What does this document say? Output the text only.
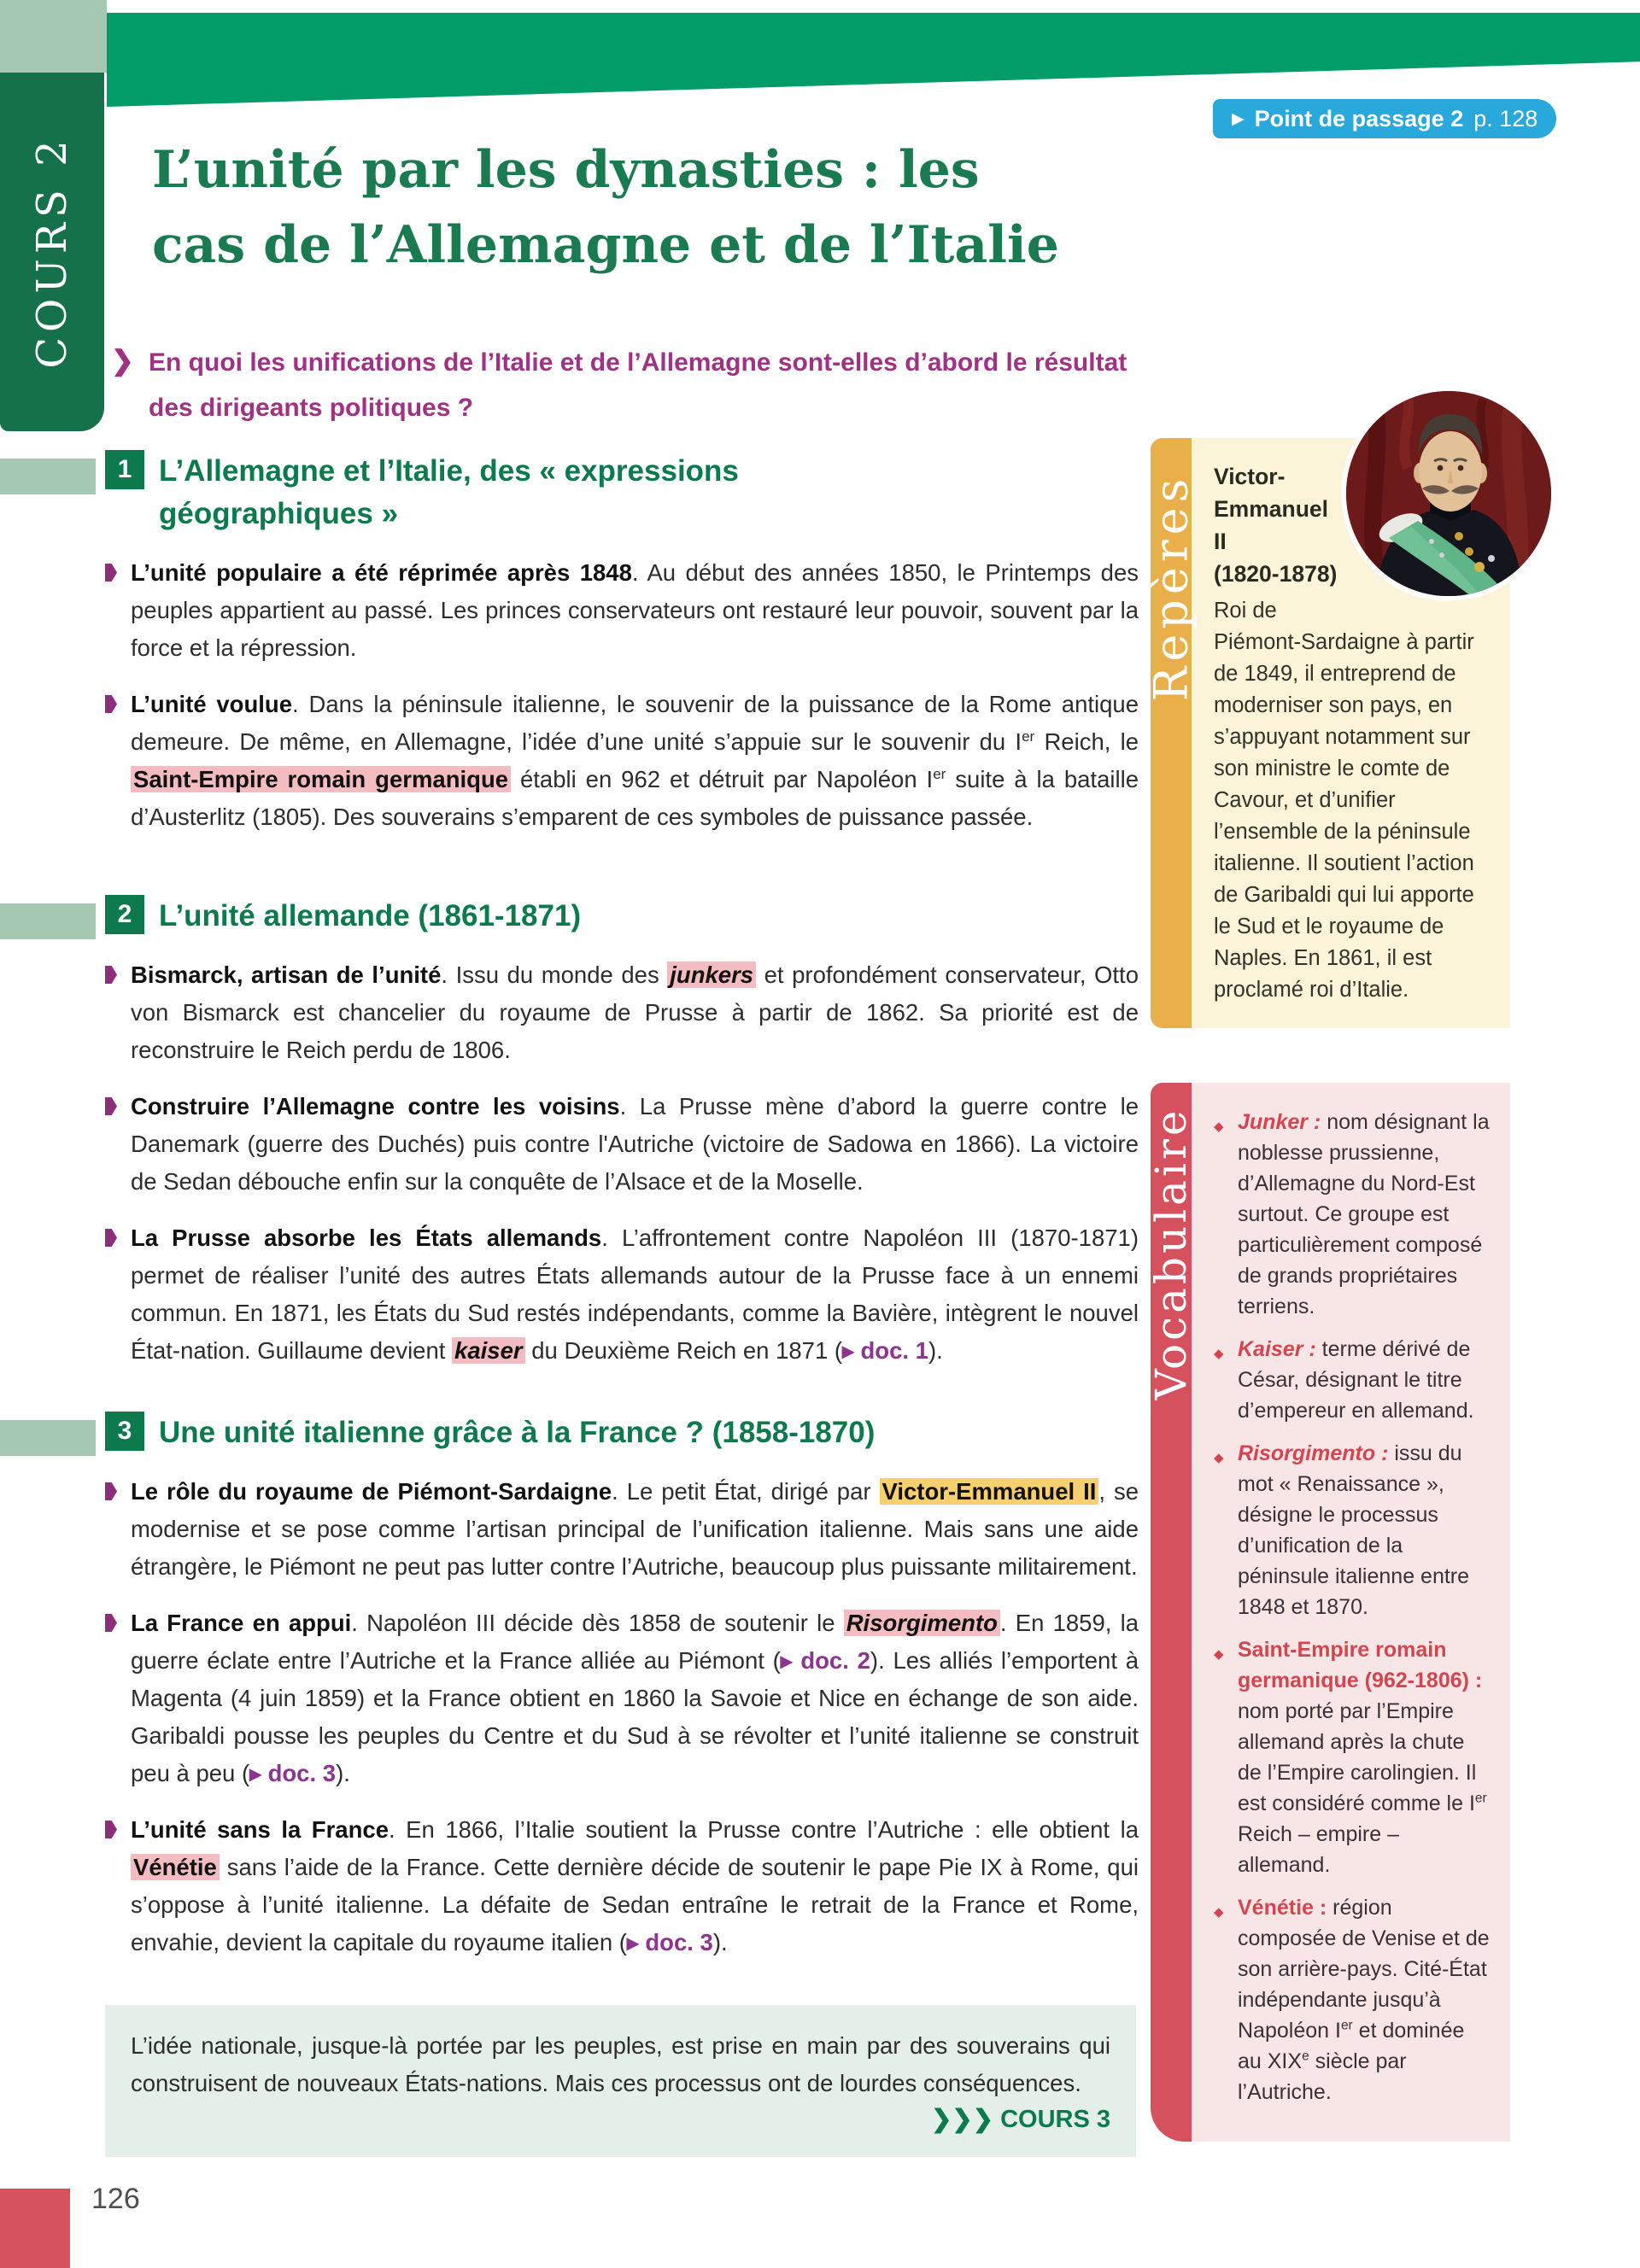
COURS 2
▶ Point de passage 2 p. 128
L’unité par les dynasties : les
cas de l’Allemagne et de l’Italie
❯ En quoi les unifications de l’Italie et de l’Allemagne sont-elles d’abord le résultat des dirigeants politiques ?
1 L’Allemagne et l’Italie, des « expressions géographiques »

L’unité populaire a été réprimée après 1848. Au début des années 1850, le Printemps des peuples appartient au passé. Les princes conservateurs ont restauré leur pouvoir, souvent par la force et la répression.

L’unité voulue. Dans la péninsule italienne, le souvenir de la puissance de la Rome antique demeure. De même, en Allemagne, l’idée d’une unité s’appuie sur le souvenir du Ier Reich, le Saint-Empire romain germanique établi en 962 et détruit par Napoléon Ier suite à la bataille d’Austerlitz (1805). Des souverains s’emparent de ces symboles de puissance passée.

2 L’unité allemande (1861-1871)

Bismarck, artisan de l’unité. Issu du monde des junkers et profondément conservateur, Otto von Bismarck est chancelier du royaume de Prusse à partir de 1862. Sa priorité est de reconstruire le Reich perdu de 1806.

Construire l’Allemagne contre les voisins. La Prusse mène d’abord la guerre contre le Danemark (guerre des Duchés) puis contre l'Autriche (victoire de Sadowa en 1866). La victoire de Sedan débouche enfin sur la conquête de l’Alsace et de la Moselle.

La Prusse absorbe les États allemands. L’affrontement contre Napoléon III (1870-1871) permet de réaliser l’unité des autres États allemands autour de la Prusse face à un ennemi commun. En 1871, les États du Sud restés indépendants, comme la Bavière, intègrent le nouvel État-nation. Guillaume devient kaiser du Deuxième Reich en 1871 (▸ doc. 1).

3 Une unité italienne grâce à la France ? (1858-1870)

Le rôle du royaume de Piémont-Sardaigne. Le petit État, dirigé par Victor-Emmanuel II , se modernise et se pose comme l’artisan principal de l’unification italienne. Mais sans une aide étrangère, le Piémont ne peut pas lutter contre l’Autriche, beaucoup plus puissante militairement.

La France en appui. Napoléon III décide dès 1858 de soutenir le Risorgimento . En 1859, la guerre éclate entre l’Autriche et la France alliée au Piémont (▸ doc. 2). Les alliés l’emportent à Magenta (4 juin 1859) et la France obtient en 1860 la Savoie et Nice en échange de son aide. Garibaldi pousse les peuples du Centre et du Sud à se révolter et l’unité italienne se construit peu à peu (▸ doc. 3).

L’unité sans la France. En 1866, l’Italie soutient la Prusse contre l’Autriche : elle obtient la Vénétie sans l’aide de la France. Cette dernière décide de soutenir le pape Pie IX à Rome, qui s’oppose à l’unité italienne. La défaite de Sedan entraîne le retrait de la France et Rome, envahie, devient la capitale du royaume italien (▸ doc. 3).

L’idée nationale, jusque-là portée par les peuples, est prise en main par des souverains qui construisent de nouveaux États-nations. Mais ces processus ont de lourdes conséquences.
❯❯❯ COURS 3
Repères Victor-
Emmanuel II
(1820-1878)
Roi de Piémont-Sardaigne à partir de 1849, il entreprend de moderniser son pays, en s’appuyant notamment sur son ministre le comte de Cavour, et d’unifier l’ensemble de la péninsule italienne. Il soutient l’action de Garibaldi qui lui apporte le Sud et le royaume de Naples. En 1861, il est proclamé roi d’Italie.
Vocabulaire ◆ Junker : nom désignant la noblesse prussienne, d’Allemagne du Nord-Est surtout. Ce groupe est particulièrement composé de grands propriétaires terriens.
◆ Kaiser : terme dérivé de César, désignant le titre d’empereur en allemand.
◆ Risorgimento : issu du mot « Renaissance », désigne le processus d’unification de la péninsule italienne entre 1848 et 1870.
◆ Saint-Empire romain germanique (962-1806) : nom porté par l’Empire allemand après la chute de l’Empire carolingien. Il est considéré comme le Ier Reich – empire – allemand.
◆ Vénétie : région composée de Venise et de son arrière-pays. Cité-État indépendante jusqu’à Napoléon Ier et dominée au XIXe siècle par l’Autriche.
126
